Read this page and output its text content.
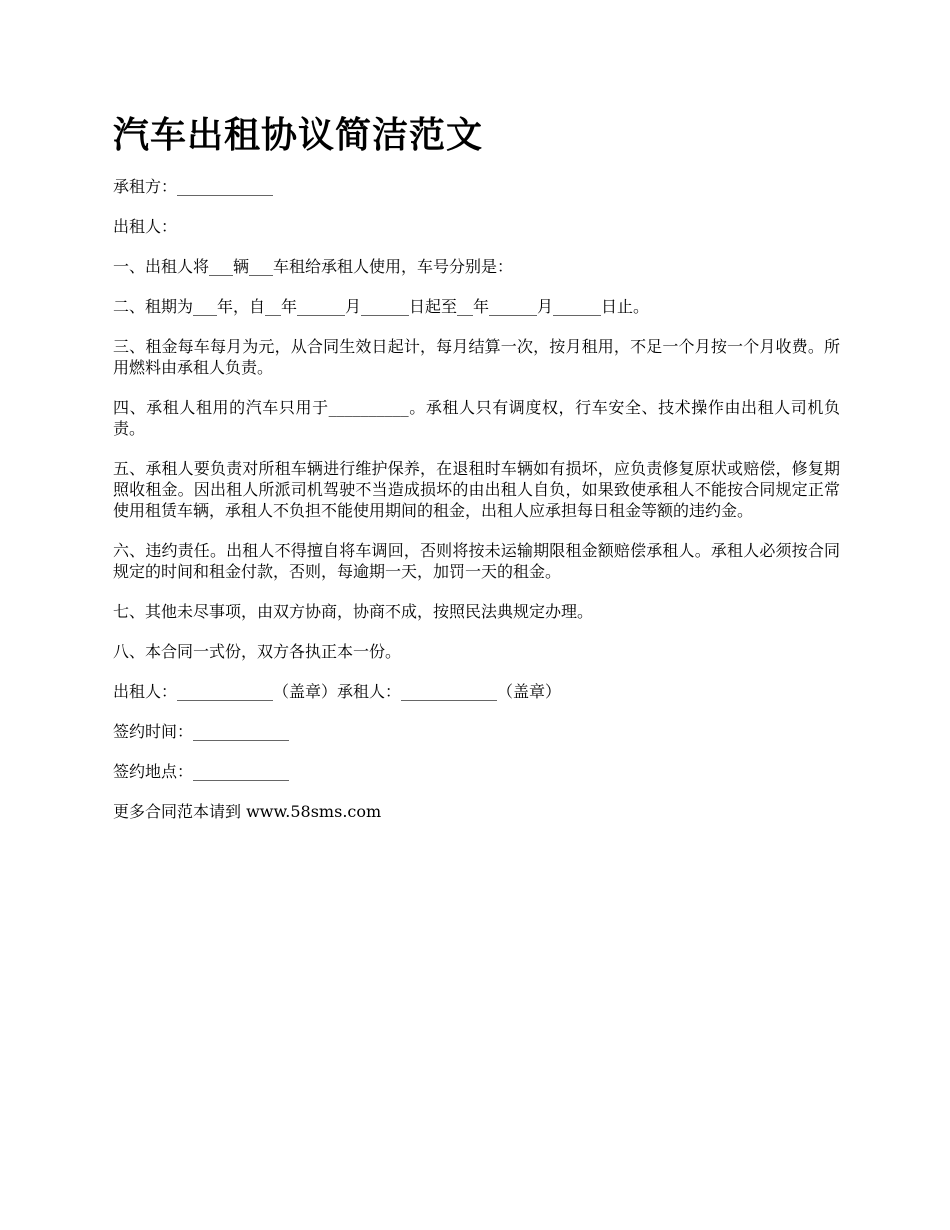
汽车出租协议简洁范文

承租方：____________

出租人：

一、出租人将___辆___车租给承租人使用，车号分别是：

二、租期为___年，自__年______月______日起至__年______月______日止。

三、租金每车每月为元，从合同生效日起计，每月结算一次，按月租用，不足一个月按一个月收费。所用燃料由承租人负责。

四、承租人租用的汽车只用于__________。承租人只有调度权，行车安全、技术操作由出租人司机负责。

五、承租人要负责对所租车辆进行维护保养，在退租时车辆如有损坏，应负责修复原状或赔偿，修复期照收租金。因出租人所派司机驾驶不当造成损坏的由出租人自负，如果致使承租人不能按合同规定正常使用租赁车辆，承租人不负担不能使用期间的租金，出租人应承担每日租金等额的违约金。

六、违约责任。出租人不得擅自将车调回，否则将按未运输期限租金额赔偿承租人。承租人必须按合同规定的时间和租金付款，否则，每逾期一天，加罚一天的租金。

七、其他未尽事项，由双方协商，协商不成，按照民法典规定办理。

八、本合同一式份，双方各执正本一份。

出租人：____________（盖章）承租人：____________（盖章）

签约时间：____________

签约地点：____________

更多合同范本请到 www.58sms.com
